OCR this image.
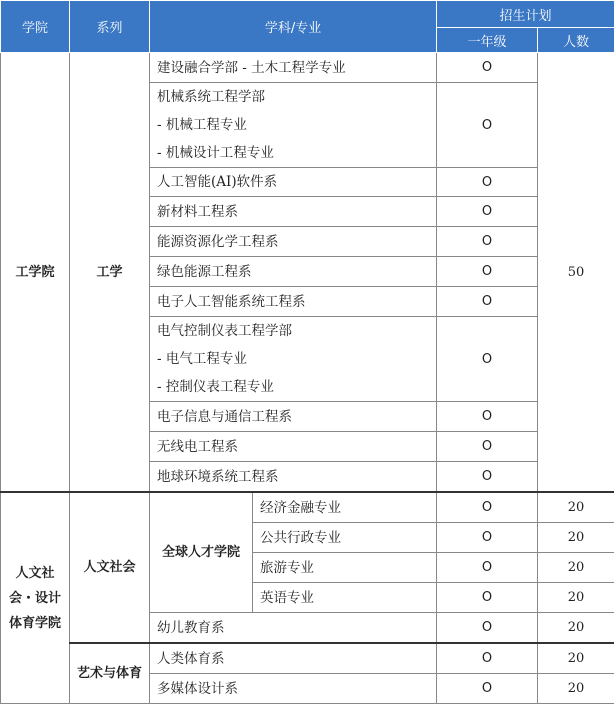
学院	系列	学科/专业		招生计划	
				一年级	人数
工学院	工学	建设融合学部 - 土木工程学专业		O	50

		机械系统工程学部
- 机械工程专业
- 机械设计工程专业		O	

		人工智能(AI)软件系		O	

		新材料工程系		O	

		能源资源化学工程系		O	

		绿色能源工程系		O	

		电子人工智能系统工程系		O	

		电气控制仪表工程学部
- 电气工程专业
- 控制仪表工程专业		O	

		电子信息与通信工程系		O	

		无线电工程系		O	

		地球环境系统工程系		O	

人文社
会・设计
体育学院	人文社会	全球人才学院	经济金融专业	O	20
			公共行政专业	O	20
			旅游专业	O	20
			英语专业	O	20
		幼儿教育系		O	20
	艺术与体育	人类体育系		O	20
		多媒体设计系		O	20
